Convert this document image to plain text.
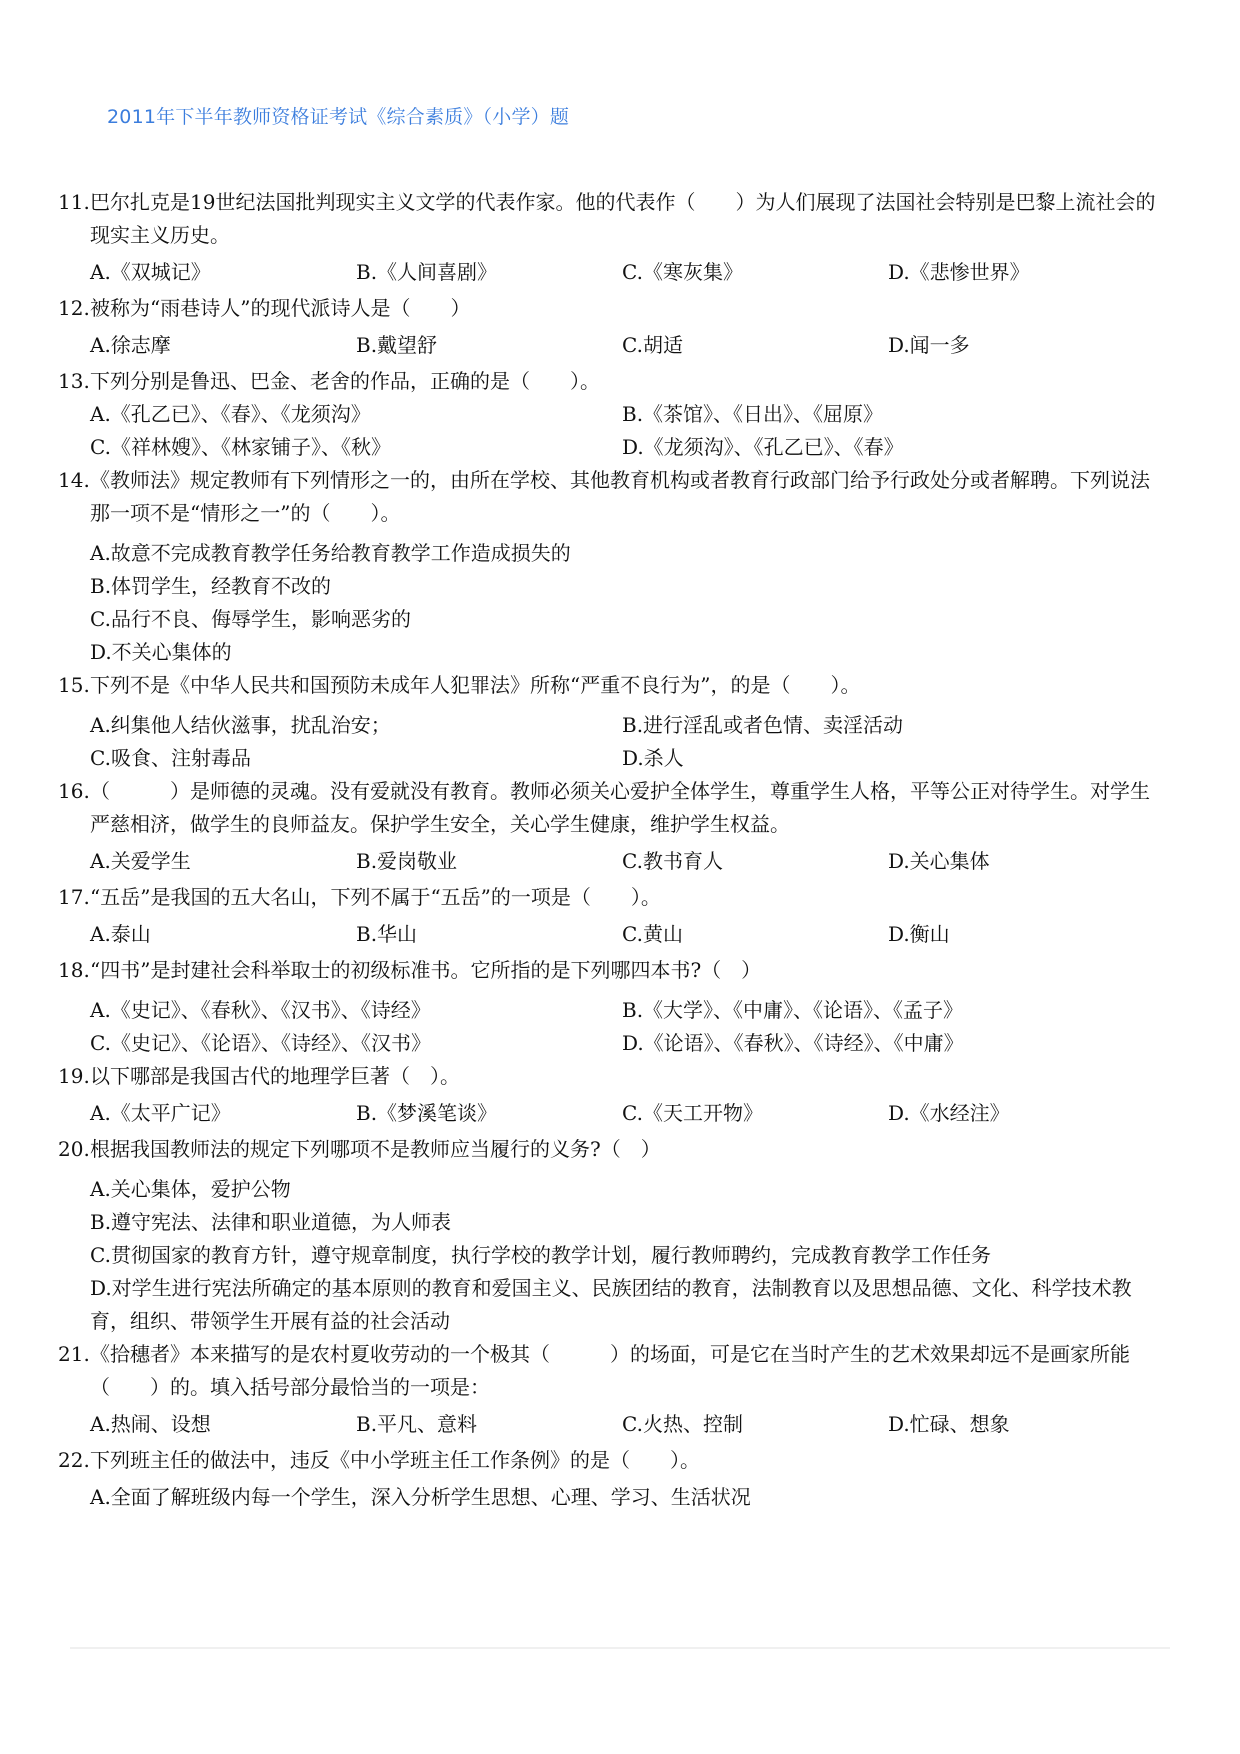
2011年下半年教师资格证考试《综合素质》（小学）题
11. 巴尔扎克是19世纪法国批判现实主义文学的代表作家。他的代表作（　　）为人们展现了法国社会特别是巴黎上流社会的现实主义历史。
A.《双城记》	B.《人间喜剧》	C.《寒灰集》	D.《悲惨世界》
12. 被称为“雨巷诗人”的现代派诗人是（　　）
A.徐志摩	B.戴望舒	C.胡适	D.闻一多
13. 下列分别是鲁迅、巴金、老舍的作品，正确的是（　　）。
A.《孔乙已》、《春》、《龙须沟》	B.《茶馆》、《日出》、《屈原》
C.《祥林嫂》、《林家铺子》、《秋》	D.《龙须沟》、《孔乙已》、《春》
14. 《教师法》规定教师有下列情形之一的，由所在学校、其他教育机构或者教育行政部门给予行政处分或者解聘。下列说法那一项不是“情形之一”的（　　）。
A.故意不完成教育教学任务给教育教学工作造成损失的
B.体罚学生，经教育不改的
C.品行不良、侮辱学生，影响恶劣的
D.不关心集体的
15. 下列不是《中华人民共和国预防未成年人犯罪法》所称“严重不良行为”，的是（　　）。
A.纠集他人结伙滋事，扰乱治安；	B.进行淫乱或者色情、卖淫活动
C.吸食、注射毒品	D.杀人
16. （　　　）是师德的灵魂。没有爱就没有教育。教师必须关心爱护全体学生，尊重学生人格，平等公正对待学生。对学生严慈相济，做学生的良师益友。保护学生安全，关心学生健康，维护学生权益。
A.关爱学生	B.爱岗敬业	C.教书育人	D.关心集体
17. “五岳”是我国的五大名山，下列不属于“五岳”的一项是（　　）。
A.泰山	B.华山	C.黄山	D.衡山
18. “四书”是封建社会科举取士的初级标准书。它所指的是下列哪四本书?（　）
A.《史记》、《春秋》、《汉书》、《诗经》	B.《大学》、《中庸》、《论语》、《孟子》
C.《史记》、《论语》、《诗经》、《汉书》	D.《论语》、《春秋》、《诗经》、《中庸》
19. 以下哪部是我国古代的地理学巨著（　）。
A.《太平广记》	B.《梦溪笔谈》	C.《天工开物》	D.《水经注》
20. 根据我国教师法的规定下列哪项不是教师应当履行的义务?（　）
A.关心集体，爱护公物
B.遵守宪法、法律和职业道德，为人师表
C.贯彻国家的教育方针，遵守规章制度，执行学校的教学计划，履行教师聘约，完成教育教学工作任务
D.对学生进行宪法所确定的基本原则的教育和爱国主义、民族团结的教育，法制教育以及思想品德、文化、科学技术教育，组织、带领学生开展有益的社会活动
21. 《拾穗者》本来描写的是农村夏收劳动的一个极其（　　　）的场面，可是它在当时产生的艺术效果却远不是画家所能（　　）的。填入括号部分最恰当的一项是：
A.热闹、设想	B.平凡、意料	C.火热、控制	D.忙碌、想象
22. 下列班主任的做法中，违反《中小学班主任工作条例》的是（　　）。
A.全面了解班级内每一个学生，深入分析学生思想、心理、学习、生活状况
